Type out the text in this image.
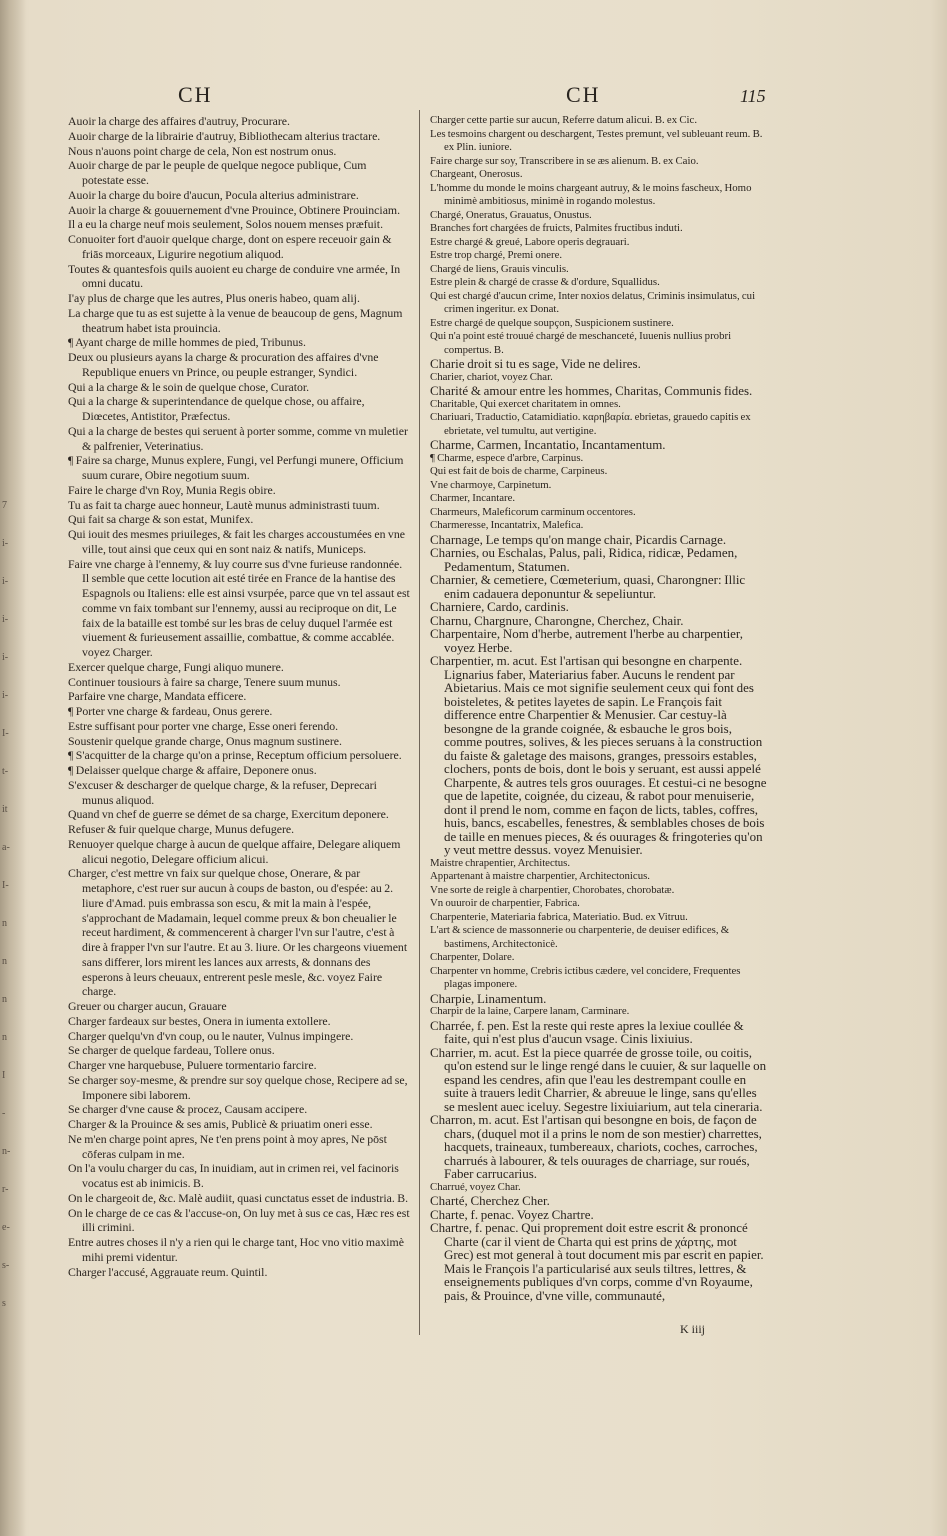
7
i-
i-
i-
i-
i-
I-
t-
it
a-
I-
n
n
n
n
I
-
n-
r-
e-
s-
s
CH	CH	115

Auoir la charge des affaires d'autruy, Procurare.

Auoir charge de la librairie d'autruy, Bibliothecam alterius tractare.

Nous n'auons point charge de cela, Non est nostrum onus.

Auoir charge de par le peuple de quelque negoce publique, Cum potestate esse.

Auoir la charge du boire d'aucun, Pocula alterius administrare.

Auoir la charge & gouuernement d'vne Prouince, Obtinere Prouinciam.

Il a eu la charge neuf mois seulement, Solos nouem menses præfuit.

Conuoiter fort d'auoir quelque charge, dont on espere receuoir gain & friās morceaux, Ligurire negotium aliquod.

Toutes & quantesfois quils auoient eu charge de conduire vne armée, In omni ducatu.

I'ay plus de charge que les autres, Plus oneris habeo, quam alij.

La charge que tu as est sujette à la venue de beaucoup de gens, Magnum theatrum habet ista prouincia.

¶ Ayant charge de mille hommes de pied, Tribunus.

Deux ou plusieurs ayans la charge & procuration des affaires d'vne Republique enuers vn Prince, ou peuple estranger, Syndici.

Qui a la charge & le soin de quelque chose, Curator.

Qui a la charge & superintendance de quelque chose, ou affaire, Diœcetes, Antistitor, Præfectus.

Qui a la charge de bestes qui seruent à porter somme, comme vn muletier & palfrenier, Veterinatius.

¶ Faire sa charge, Munus explere, Fungi, vel Perfungi munere, Officium suum curare, Obire negotium suum.

Faire le charge d'vn Roy, Munia Regis obire.

Tu as fait ta charge auec honneur, Lautè munus administrasti tuum.

Qui fait sa charge & son estat, Munifex.

Qui iouit des mesmes priuileges, & fait les charges accoustumées en vne ville, tout ainsi que ceux qui en sont naiz & natifs, Municeps.

Faire vne charge à l'ennemy, & luy courre sus d'vne furieuse randonnée. Il semble que cette locution ait esté tirée en France de la hantise des Espagnols ou Italiens: elle est ainsi vsurpée, parce que vn tel assaut est comme vn faix tombant sur l'ennemy, aussi au reciproque on dit, Le faix de la bataille est tombé sur les bras de celuy duquel l'armée est viuement & furieusement assaillie, combattue, & comme accablée. voyez Charger.

Exercer quelque charge, Fungi aliquo munere.

Continuer tousiours à faire sa charge, Tenere suum munus.

Parfaire vne charge, Mandata efficere.

¶ Porter vne charge & fardeau, Onus gerere.

Estre suffisant pour porter vne charge, Esse oneri ferendo.

Soustenir quelque grande charge, Onus magnum sustinere.

¶ S'acquitter de la charge qu'on a prinse, Receptum officium persoluere.

¶ Delaisser quelque charge & affaire, Deponere onus.

S'excuser & descharger de quelque charge, & la refuser, Deprecari munus aliquod.

Quand vn chef de guerre se démet de sa charge, Exercitum deponere.

Refuser & fuir quelque charge, Munus defugere.

Renuoyer quelque charge à aucun de quelque affaire, Delegare aliquem alicui negotio, Delegare officium alicui.

Charger, c'est mettre vn faix sur quelque chose, Onerare, & par metaphore, c'est ruer sur aucun à coups de baston, ou d'espée: au 2. liure d'Amad. puis embrassa son escu, & mit la main à l'espée, s'approchant de Madamain, lequel comme preux & bon cheualier le receut hardiment, & commencerent à charger l'vn sur l'autre, c'est à dire à frapper l'vn sur l'autre. Et au 3. liure. Or les chargeons viuement sans differer, lors mirent les lances aux arrests, & donnans des esperons à leurs cheuaux, entrerent pesle mesle, &c. voyez Faire charge.

Greuer ou charger aucun, Grauare

Charger fardeaux sur bestes, Onera in iumenta extollere.

Charger quelqu'vn d'vn coup, ou le nauter, Vulnus impingere.

Se charger de quelque fardeau, Tollere onus.

Charger vne harquebuse, Puluere tormentario farcire.

Se charger soy-mesme, & prendre sur soy quelque chose, Recipere ad se, Imponere sibi laborem.

Se charger d'vne cause & procez, Causam accipere.

Charger & la Prouince & ses amis, Publicè & priuatim oneri esse.

Ne m'en charge point apres, Ne t'en prens point à moy apres, Ne pōst cōferas culpam in me.

On l'a voulu charger du cas, In inuidiam, aut in crimen rei, vel facinoris vocatus est ab inimicis. B.

On le chargeoit de, &c. Malè audiit, quasi cunctatus esset de industria. B.

On le charge de ce cas & l'accuse-on, On luy met à sus ce cas, Hæc res est illi crimini.

Entre autres choses il n'y a rien qui le charge tant, Hoc vno vitio maximè mihi premi videntur.

Charger l'accusé, Aggrauate reum. Quintil.

Charger cette partie sur aucun, Referre datum alicui. B. ex Cic.

Les tesmoins chargent ou deschargent, Testes premunt, vel subleuant reum. B. ex Plin. iuniore.

Faire charge sur soy, Transcribere in se æs alienum. B. ex Caio.

Chargeant, Onerosus.

L'homme du monde le moins chargeant autruy, & le moins fascheux, Homo minimè ambitiosus, minimè in rogando molestus.

Chargé, Oneratus, Grauatus, Onustus.

Branches fort chargées de fruicts, Palmites fructibus induti.

Estre chargé & greué, Labore operis degrauari.

Estre trop chargé, Premi onere.

Chargé de liens, Grauis vinculis.

Estre plein & chargé de crasse & d'ordure, Squallidus.

Qui est chargé d'aucun crime, Inter noxios delatus, Criminis insimulatus, cui crimen ingeritur. ex Donat.

Estre chargé de quelque soupçon, Suspicionem sustinere.

Qui n'a point esté trouué chargé de meschanceté, Iuuenis nullius probri compertus. B.

Charie droit si tu es sage, Vide ne delires.

Charier, chariot, voyez Char.

Charité & amour entre les hommes, Charitas, Communis fides.

Charitable, Qui exercet charitatem in omnes.

Chariuari, Traductio, Catamidiatio. καρηβαρία. ebrietas, grauedo capitis ex ebrietate, vel tumultu, aut vertigine.

Charme, Carmen, Incantatio, Incantamentum.

¶ Charme, espece d'arbre, Carpinus.

Qui est fait de bois de charme, Carpineus.

Vne charmoye, Carpinetum.

Charmer, Incantare.

Charmeurs, Maleficorum carminum occentores.

Charmeresse, Incantatrix, Malefica.

Charnage, Le temps qu'on mange chair, Picardis Carnage.

Charnies, ou Eschalas, Palus, pali, Ridica, ridicæ, Pedamen, Pedamentum, Statumen.

Charnier, & cemetiere, Cœmeterium, quasi, Charongner: Illic enim cadauera deponuntur & sepeliuntur.

Charniere, Cardo, cardinis.

Charnu, Chargnure, Charongne, Cherchez, Chair.

Charpentaire, Nom d'herbe, autrement l'herbe au charpentier, voyez Herbe.

Charpentier, m. acut. Est l'artisan qui besongne en charpente. Lignarius faber, Materiarius faber. Aucuns le rendent par Abietarius. Mais ce mot signifie seulement ceux qui font des boisteletes, & petites layetes de sapin. Le François fait difference entre Charpentier & Menusier. Car cestuy-là besongne de la grande coignée, & esbauche le gros bois, comme poutres, solives, & les pieces seruans à la construction du faiste & galetage des maisons, granges, pressoirs estables, clochers, ponts de bois, dont le bois y seruant, est aussi appelé Charpente, & autres tels gros ouurages. Et cestui-ci ne besogne que de lapetite, coignée, du cizeau, & rabot pour menuiserie, dont il prend le nom, comme en façon de licts, tables, coffres, huis, bancs, escabelles, fenestres, & semblables choses de bois de taille en menues pieces, & és ouurages & fringoteries qu'on y veut mettre dessus. voyez Menuisier.

Maistre chrapentier, Architectus.

Appartenant à maistre charpentier, Architectonicus.

Vne sorte de reigle à charpentier, Chorobates, chorobatæ.

Vn ouuroir de charpentier, Fabrica.

Charpenterie, Materiaria fabrica, Materiatio. Bud. ex Vitruu.

L'art & science de massonnerie ou charpenterie, de deuiser edifices, & bastimens, Architectonicè.

Charpenter, Dolare.

Charpenter vn homme, Crebris ictibus cædere, vel concidere, Frequentes plagas imponere.

Charpie, Linamentum.

Charpir de la laine, Carpere lanam, Carminare.

Charrée, f. pen. Est la reste qui reste apres la lexiue coullée & faite, qui n'est plus d'aucun vsage. Cinis lixiuius.

Charrier, m. acut. Est la piece quarrée de grosse toile, ou coitis, qu'on estend sur le linge rengé dans le cuuier, & sur laquelle on espand les cendres, afin que l'eau les destrempant coulle en suite à trauers ledit Charrier, & abreuue le linge, sans qu'elles se meslent auec iceluy. Segestre lixiuiarium, aut tela cineraria.

Charron, m. acut. Est l'artisan qui besongne en bois, de façon de chars, (duquel mot il a prins le nom de son mestier) charrettes, hacquets, traineaux, tumbereaux, chariots, coches, carroches, charrués à labourer, & tels ouurages de charriage, sur roués, Faber carrucarius.

Charrué, voyez Char.

Charté, Cherchez Cher.

Charte, f. penac. Voyez Chartre.

Chartre, f. penac. Qui proprement doit estre escrit & prononcé Charte (car il vient de Charta qui est prins de χάρτης, mot Grec) est mot general à tout document mis par escrit en papier. Mais le François l'a particularisé aux seuls tiltres, lettres, & enseignements publiques d'vn corps, comme d'vn Royaume, pais, & Prouince, d'vne ville, communauté,

K iiij
